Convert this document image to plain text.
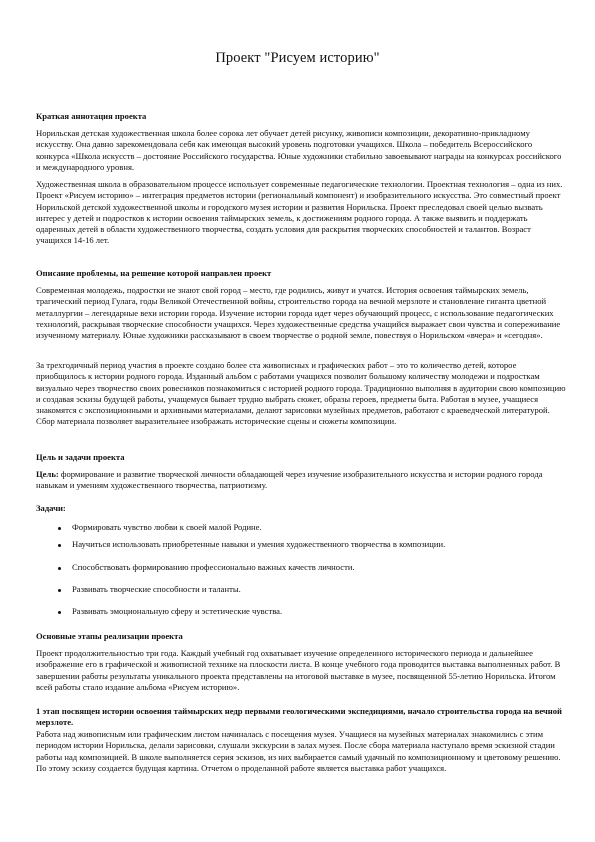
Проект "Рисуем историю"
Краткая аннотация проекта
Норильская детская художественная школа более сорока лет обучает детей рисунку, живописи композиции, декоративно-прикладному искусству. Она давно зарекомендовала себя как имеющая высокий уровень подготовки учащихся. Школа – победитель Всероссийского конкурса «Школа искусств – достояние Российского государства. Юные художники стабильно завоевывают награды на конкурсах российского и международного уровня.
Художественная школа в образовательном процессе использует современные педагогические технологии. Проектная технология – одна из них. Проект «Рисуем историю» – интеграция предметов истории (региональный компонент) и изобразительного искусства. Это совместный проект Норильской детской художественной школы и городского музея истории и развития Норильска. Проект преследовал своей целью вызвать интерес у детей и подростков к истории освоения таймырских земель, к достижениям родного города. А также выявить и поддержать одаренных детей в области художественного творчества, создать условия для раскрытия творческих способностей и талантов. Возраст учащихся 14-16 лет.
Описание проблемы, на решение которой направлен проект
Современная молодежь, подростки не знают свой город – место, где родились, живут и учатся. История освоения таймырских земель, трагический период Гулага, годы Великой Отечественной войны, строительство города на вечной мерзлоте и становление гиганта цветной металлургии – легендарные вехи истории города. Изучение истории города идет через обучающий процесс, с использование педагогических технологий, раскрывая творческие способности учащихся. Через художественные средства учащийся выражает свои чувства и сопереживание изученному материалу. Юные художники рассказывают в своем творчестве о родной земле, повествуя о Норильском «вчера» и «сегодня».
За трехгодичный период участия в проекте создано более ста живописных и графических работ – это то количество детей, которое приобщилось к истории родного города. Изданный альбом с работами учащихся позволит большому количеству молодежи и подросткам визуально через творчество своих ровесников познакомиться с историей родного города. Традиционно выполняя в аудитории свою композицию и создавая эскизы будущей работы, учащемуся бывает трудно выбрать сюжет, образы героев, предметы быта. Работая в музее, учащиеся знакомятся с экспозиционными и архивными материалами, делают зарисовки музейных предметов, работают с краеведческой литературой. Сбор материала позволяет выразительнее изображать исторические сцены и сюжеты композиции.
Цель и задачи проекта
Цель: формирование и развитие творческой личности обладающей через изучение изобразительного искусства и истории родного города навыкам и умениям художественного творчества, патриотизму.
Задачи:
Формировать чувство любви к своей малой Родине.
Научиться использовать приобретенные навыки и умения художественного творчества в композиции.
Способствовать формированию профессионально важных качеств личности.
Развивать творческие способности и таланты.
Развивать эмоциональную сферу и эстетические чувства.
Основные этапы реализации проекта
Проект продолжительностью три года. Каждый учебный год охватывает изучение определенного исторического периода и дальнейшее изображение его в графической и живописной технике на плоскости листа. В конце учебного года проводится выставка выполненных работ. В завершении работы результаты уникального проекта представлены на итоговой выставке в музее, посвященной 55-летию Норильска. Итогом всей работы стало издание альбома «Рисуем историю».
1 этап посвящен истории освоения таймырских недр первыми геологическими экспедициями, начало строительства города на вечной мерзлоте.
Работа над живописным или графическим листом начиналась с посещения музея. Учащиеся на музейных материалах знакомились с этим периодом истории Норильска, делали зарисовки, слушали экскурсии в залах музея. После сбора материала наступало время эскизной стадии работы над композицией. В школе выполняется серия эскизов, из них выбирается самый удачный по композиционному и цветовому решению. По этому эскизу создается будущая картина. Отчетом о проделанной работе является выставка работ учащихся.
